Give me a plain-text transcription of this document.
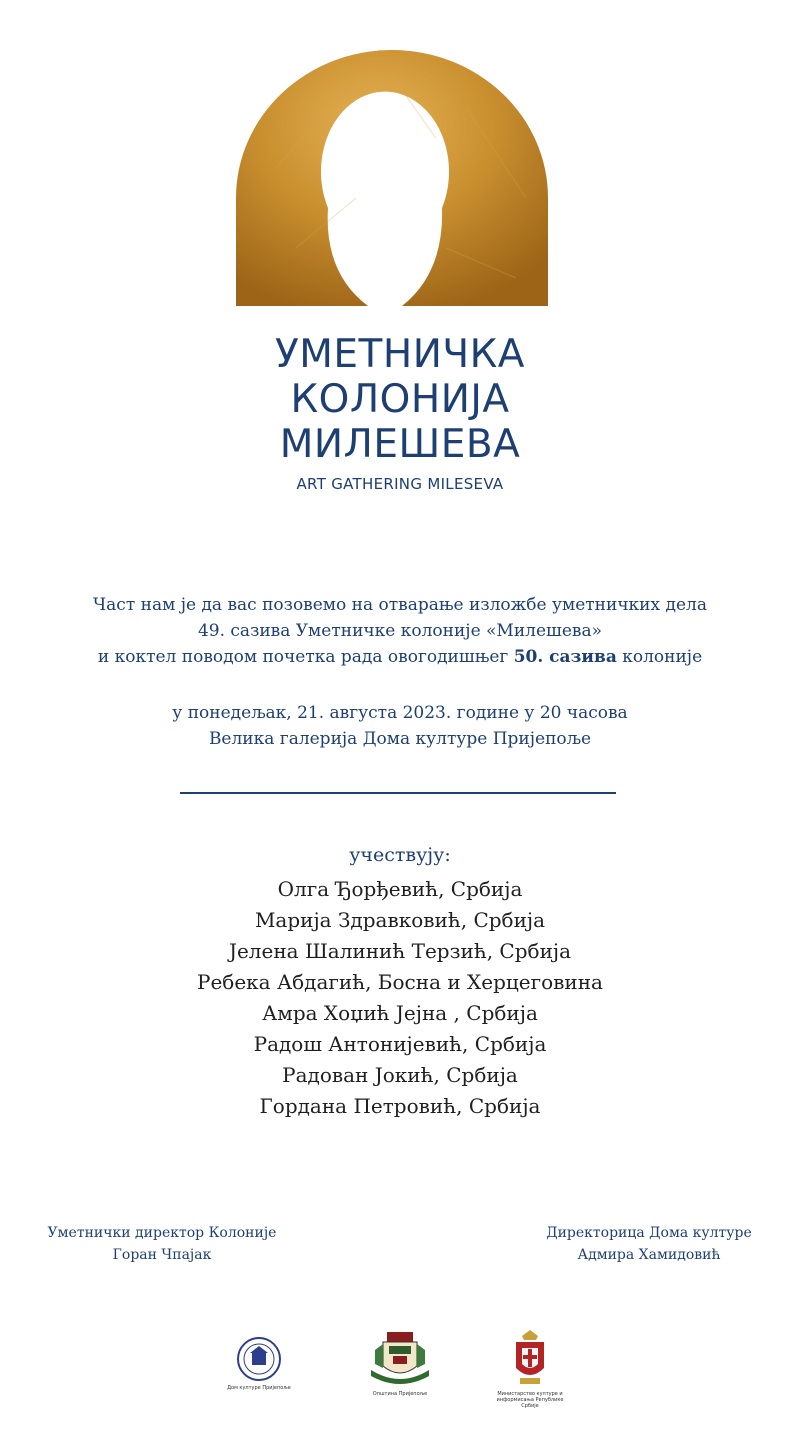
УМЕТНИЧКА
КОЛОНИЈА
МИЛЕШЕВА
ART GATHERING MILESEVA
Част нам је да вас позовемо на отварање изложбе уметничких дела
49. сазива Уметничке колоније «Милешева»
и коктел поводом почетка рада овогодишњег 50. сазива колоније
у понедељак, 21. августа 2023. године у 20 часова
Велика галерија Дома културе Пријепоље
учествују:
Олга Ђорђевић, Србија
Марија Здравковић, Србија
Јелена Шалинић Терзић, Србија
Ребека Абдагић, Босна и Херцеговина
Амра Хоџић Јејна , Србија
Радош Антонијевић, Србија
Радован Јокић, Србија
Гордана Петровић, Србија
Уметнички директор Колоније
Горан Чпајак
Директорица Дома културе
Адмира Хамидовић
Дом културе Пријепоље
Општина Пријепоље	Министарство културе и информисања Републике Србије
